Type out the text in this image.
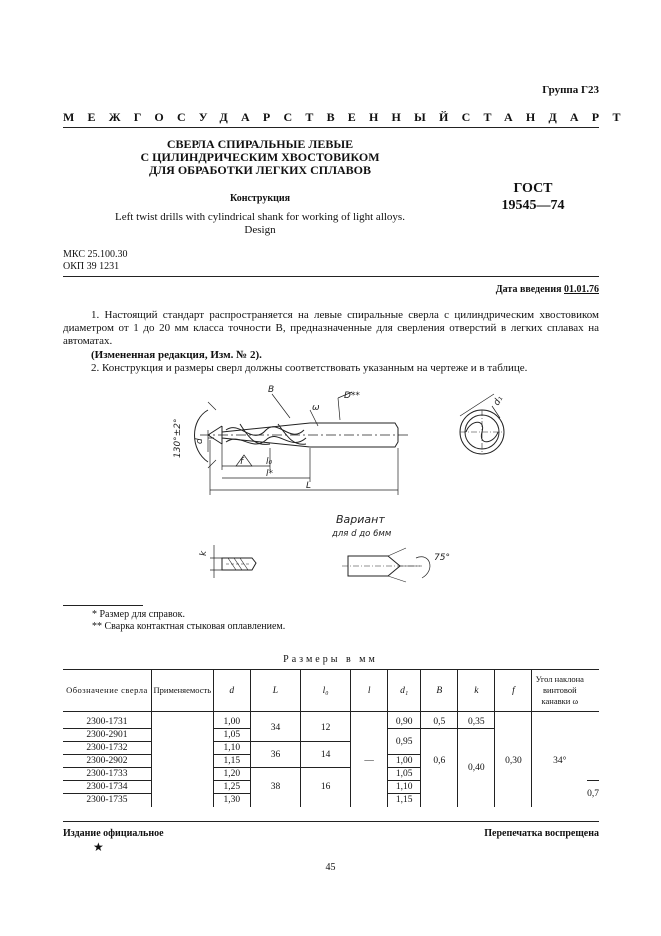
Группа Г23
МЕЖГОСУДАРСТВЕННЫЙ СТАНДАРТ
СВЕРЛА СПИРАЛЬНЫЕ ЛЕВЫЕ
С ЦИЛИНДРИЧЕСКИМ ХВОСТОВИКОМ
ДЛЯ ОБРАБОТКИ ЛЕГКИХ СПЛАВОВ
Конструкция
Left twist drills with cylindrical shank for working of light alloys.
Design
ГОСТ
19545—74
МКС 25.100.30
ОКП 39 1231
Дата введения 01.01.76
1. Настоящий стандарт распространяется на левые спиральные сверла с цилиндрическим хвостовиком диаметром от 1 до 20 мм класса точности В, предназначенные для сверления отверстий в легких сплавах на автоматах.
(Измененная редакция, Изм. № 2).
2. Конструкция и размеры сверл должны соответствовать указанным на чертеже и в таблице.
B
ω
D**
130°±2° d
l₀
l*
L
f
d₁
k
Вариант
для d до 6мм
75°
* Размер для справок.
** Сварка контактная стыковая оплавлением.
Размеры в мм
Обозначение сверла	Применяемость	d	L	l₀	l	d₁	B	k	f	Угол наклона винтовой канавки ω	

2300-1731		1,00	34	12	—	0,90	0,5	0,35	0,30	34°	
2300-2901		1,05				0,95	0,6	0,40			
2300-1732		1,10	36	14							
2300-2902		1,15				1,00					
2300-1733		1,20	38	16		1,05					
2300-1734		1,25				1,10					0,7
2300-1735		1,30				1,15					
Издание официальное	Перепечатка воспрещена
★
45
